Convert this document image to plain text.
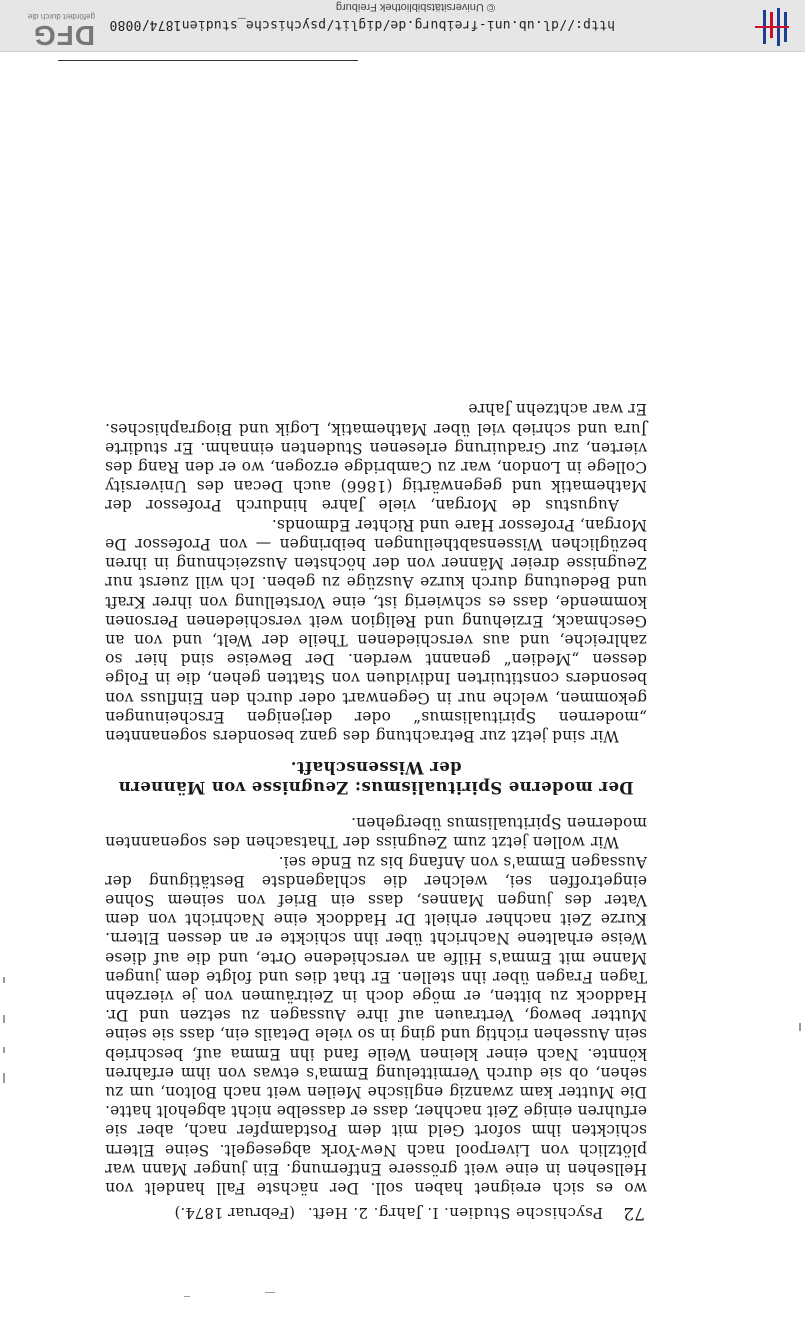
72
Psychische Studien. I. Jahrg. 2. Heft.
(Februar 1874.)

wo es sich ereignet haben soll. Der nächste Fall handelt von Hellsehen in eine weit grössere Entfernung. Ein junger Mann war plötzlich von Liverpool nach New-York abgesegelt. Seine Eltern schickten ihm sofort Geld mit dem Postdampfer nach, aber sie erfuhren einige Zeit nachher, dass er dasselbe nicht abgeholt hatte. Die Mutter kam zwanzig englische Meilen weit nach Bolton, um zu sehen, ob sie durch Vermittelung Emma's etwas von ihm erfahren könnte. Nach einer kleinen Weile fand ihn Emma auf, beschrieb sein Aussehen richtig und ging in so viele Details ein, dass sie seine Mutter bewog, Vertrauen auf ihre Aussagen zu setzen und Dr. Haddock zu bitten, er möge doch in Zeiträumen von je vierzehn Tagen Fragen über ihn stellen. Er that dies und folgte dem jungen Manne mit Emma's Hilfe an verschiedene Orte, und die auf diese Weise erhaltene Nachricht über ihn schickte er an dessen Eltern. Kurze Zeit nachher erhielt Dr Haddock eine Nachricht von dem Vater des jungen Mannes, dass ein Brief von seinem Sohne eingetroffen sei, welcher die schlagendste Bestätigung der Aussagen Emma's von Anfang bis zu Ende sei.

Wir wollen jetzt zum Zeugniss der Thatsachen des sogenannten modernen Spiritualismus übergehen.

Der moderne Spiritualismus: Zeugnisse von Männern der Wissenschaft.

Wir sind jetzt zur Betrachtung des ganz besonders sogenannten „modernen Spiritualismus“ oder derjenigen Erscheinungen gekommen, welche nur in Gegenwart oder durch den Einfluss von besonders constituirten Individuen von Statten gehen, die in Folge dessen „Medien“ genannt werden. Der Beweise sind hier so zahlreiche, und aus verschiedenen Theile der Welt, und von an Geschmack, Erziehung und Religion weit verschiedenen Personen kommende, dass es schwierig ist, eine Vorstellung von ihrer Kraft und Bedeutung durch kurze Auszüge zu geben. Ich will zuerst nur Zeugnisse dreier Männer von der höchsten Auszeichnung in ihren bezüglichen Wissensabtheilungen beibringen — von Professor De Morgan, Professor Hare und Richter Edmonds.

Augustus de Morgan, viele Jahre hindurch Professor der Mathematik und gegenwärtig (1866) auch Decan des University College in London, war zu Cambridge erzogen, wo er den Rang des vierten, zur Graduirung erlesenen Studenten einnahm. Er studirte Jura und schrieb viel über Mathematik, Logik und Biographisches. Er war achtzehn Jahre

http://dl.ub.uni-freiburg.de/diglit/psychische_studien1874/0080
© Universitätsbibliothek Freiburg
DFG
gefördert durch die
